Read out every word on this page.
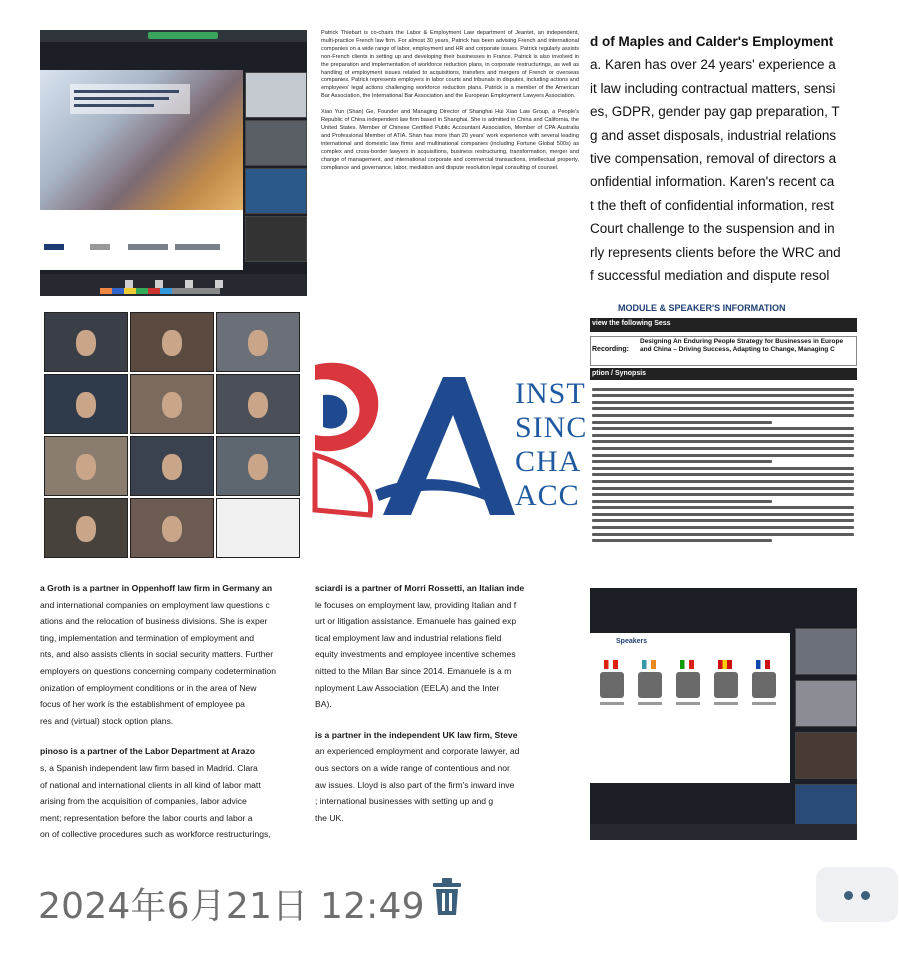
Patrick Thiebart is co-chairs the Labor & Employment Law department of Jeantet, an independent, multi-practice French law firm. For almost 30 years, Patrick has been advising French and international companies on a wide range of labor, employment and HR and corporate issues. Patrick regularly assists non-French clients in setting up and developing their businesses in France. Patrick is also involved in the preparation and implementation of workforce reduction plans, in corporate restructurings, as well as handling of employment issues related to acquisitions, transfers and mergers of French or overseas companies. Patrick represents employers in labor courts and tribunals in disputes, including actions and employees' legal actions challenging workforce reduction plans. Patrick is a member of the American Bar Association, the International Bar Association and the European Employment Lawyers Association.

Xiao Yun (Shan) Ge, Founder and Managing Director of Shanghai Hui Xiao Law Group, a People's Republic of China independent law firm based in Shanghai. She is admitted in China and California, the United States. Member of Chinese Certified Public Accountant Association, Member of CPA Australia and Professional Member of ATIA. Shan has more than 20 years' work experience with several leading international and domestic law firms and multinational companies (including Fortune Global 500s) as complex and cross-border lawyers in acquisitions, business restructuring, transformation, merger and change of management, and international corporate and commercial transactions, intellectual property, compliance and governance, labor, mediation and dispute resolution legal consulting of counsel.

d of Maples and Calder's Employment
a. Karen has over 24 years' experience a
it law including contractual matters, sensi
es, GDPR, gender pay gap preparation, T
g and asset disposals, industrial relations
tive compensation, removal of directors a
onfidential information. Karen's recent ca
t the theft of confidential information, rest
Court challenge to the suspension and in
rly represents clients before the WRC and
f successful mediation and dispute resol
INST
SINC
CHA
ACC
MODULE & SPEAKER'S INFORMATION
view the following Sess
Recording:
Designing An Enduring People Strategy for Businesses in Europe and China – Driving Success, Adapting to Change, Managing C
ption / Synopsis
a Groth is a partner in Oppenhoff law firm in Germany an
and international companies on employment law questions c
ations and the relocation of business divisions. She is exper
ting, implementation and termination of employment and
nts, and also assists clients in social security matters. Further
employers on questions concerning company codetermination
onization of employment conditions or in the area of New
focus of her work is the establishment of employee pa
res and (virtual) stock option plans.
pinoso is a partner of the Labor Department at Arazo
s, a Spanish independent law firm based in Madrid. Clara
of national and international clients in all kind of labor matt
arising from the acquisition of companies, labor advice
ment; representation before the labor courts and labor a
on of collective procedures such as workforce restructurings,
sciardi is a partner of Morri Rossetti, an Italian inde
le focuses on employment law, providing Italian and f
urt or litigation assistance. Emanuele has gained exp
tical employment law and industrial relations field
equity investments and employee incentive schemes
nitted to the Milan Bar since 2014. Emanuele is a m
nployment Law Association (EELA) and the Inter
BA).
is a partner in the independent UK law firm, Steve
an experienced employment and corporate lawyer, ad
ous sectors on a wide range of contentious and nor
aw issues. Lloyd is also part of the firm's inward inve
; international businesses with setting up and g
the UK.
Speakers
2024年6月21日 12:49
